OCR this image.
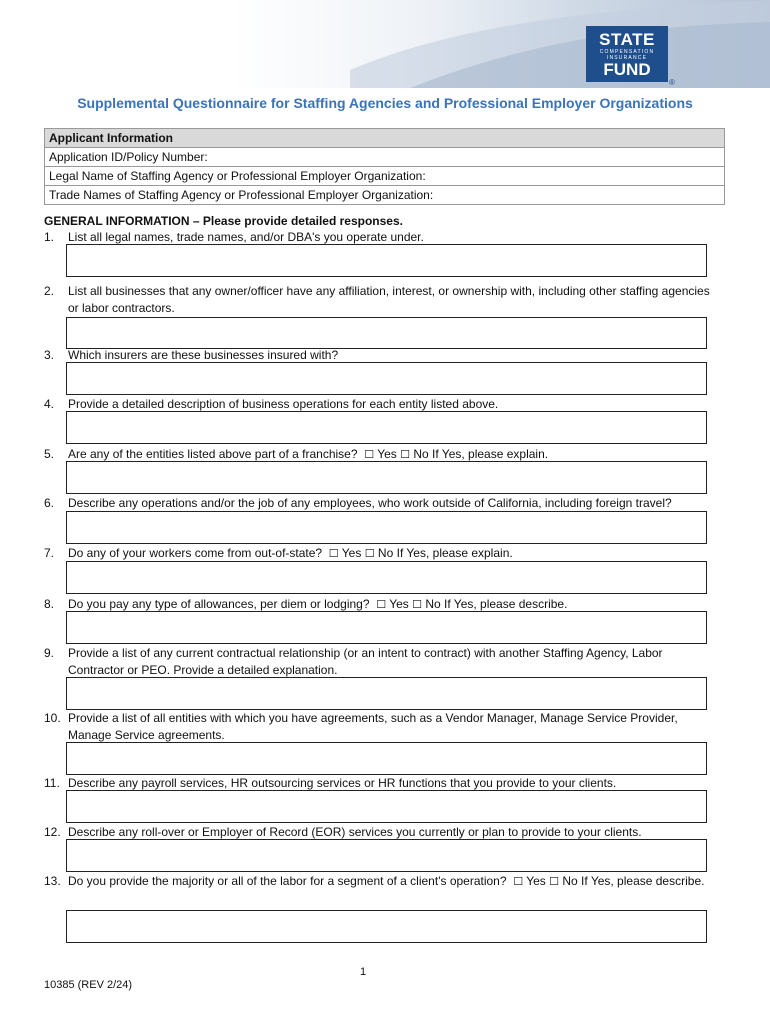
STATE
COMPENSATION
INSURANCE
FUND
®
Supplemental Questionnaire for Staffing Agencies and Professional Employer Organizations
Applicant Information
Application ID/Policy Number:
Legal Name of Staffing Agency or Professional Employer Organization:
Trade Names of Staffing Agency or Professional Employer Organization:
GENERAL INFORMATION – Please provide detailed responses.
1.	List all legal names, trade names, and/or DBA's you operate under.
2.	List all businesses that any owner/officer have any affiliation, interest, or ownership with, including other staffing agencies or labor contractors.
3.	Which insurers are these businesses insured with?
4.	Provide a detailed description of business operations for each entity listed above.
5.	Are any of the entities listed above part of a franchise? ☐ Yes ☐ No If Yes, please explain.
6.	Describe any operations and/or the job of any employees, who work outside of California, including foreign travel?
7.	Do any of your workers come from out-of-state? ☐ Yes ☐ No If Yes, please explain.
8.	Do you pay any type of allowances, per diem or lodging? ☐ Yes ☐ No If Yes, please describe.
9.	Provide a list of any current contractual relationship (or an intent to contract) with another Staffing Agency, Labor Contractor or PEO. Provide a detailed explanation.
10. Provide a list of all entities with which you have agreements, such as a Vendor Manager, Manage Service Provider, Manage Service agreements.
11. Describe any payroll services, HR outsourcing services or HR functions that you provide to your clients.
12. Describe any roll-over or Employer of Record (EOR) services you currently or plan to provide to your clients.
13. Do you provide the majority or all of the labor for a segment of a client's operation? ☐ Yes ☐ No If Yes, please describe.
1
10385 (REV 2/24)
